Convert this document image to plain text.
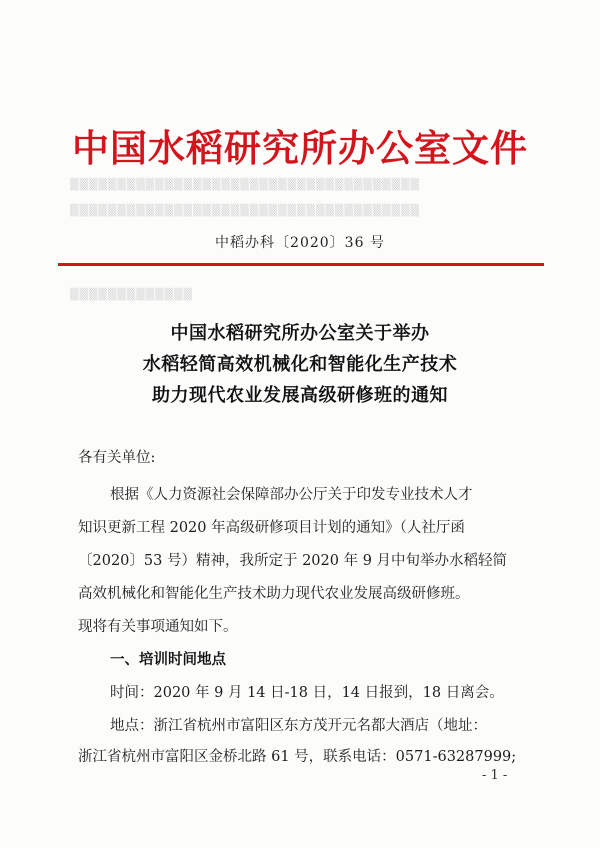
▒▒▒▒▒▒▒▒▒▒▒▒▒▒▒▒▒▒▒▒▒▒▒▒▒▒▒▒▒▒▒▒▒▒▒▒▒
▒▒▒▒▒▒▒▒▒▒▒▒▒▒▒▒▒▒▒▒▒▒▒▒▒▒▒▒▒▒▒▒▒▒▒▒▒
▒▒▒▒▒▒▒▒▒▒▒▒▒
中国水稻研究所办公室文件
中稻办科〔2020〕36 号
中国水稻研究所办公室关于举办
水稻轻简高效机械化和智能化生产技术
助力现代农业发展高级研修班的通知
各有关单位:
根据《人力资源社会保障部办公厅关于印发专业技术人才
知识更新工程 2020 年高级研修项目计划的通知》（人社厅函
〔2020〕53 号）精神，我所定于 2020 年 9 月中旬举办水稻轻简
高效机械化和智能化生产技术助力现代农业发展高级研修班。
现将有关事项通知如下。
一、培训时间地点
时间：2020 年 9 月 14 日-18 日，14 日报到，18 日离会。
地点：浙江省杭州市富阳区东方茂开元名都大酒店（地址：
浙江省杭州市富阳区金桥北路 61 号，联系电话：0571-63287999;
- 1 -
